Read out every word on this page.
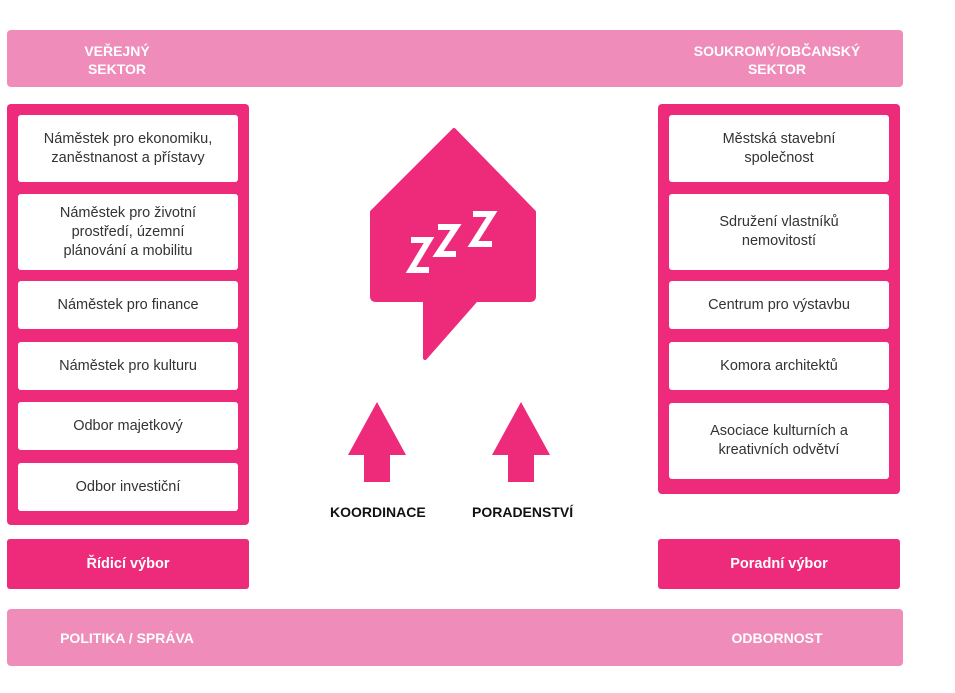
VEŘEJNÝ
SEKTOR
SOUKROMÝ/OBČANSKÝ
SEKTOR
Náměstek pro ekonomiku,
zaněstnanost a přístavy
Náměstek pro životní
prostředí, územní
plánování a mobilitu
Náměstek pro finance
Náměstek pro kulturu
Odbor majetkový
Odbor investiční
Městská stavební
společnost
Sdružení vlastníků
nemovitostí
Centrum pro výstavbu
Komora architektů
Asociace kulturních a
kreativních odvětví
KOORDINACE	PORADENSTVÍ
Řídicí výbor	Poradní výbor
POLITIKA / SPRÁVA	ODBORNOST
